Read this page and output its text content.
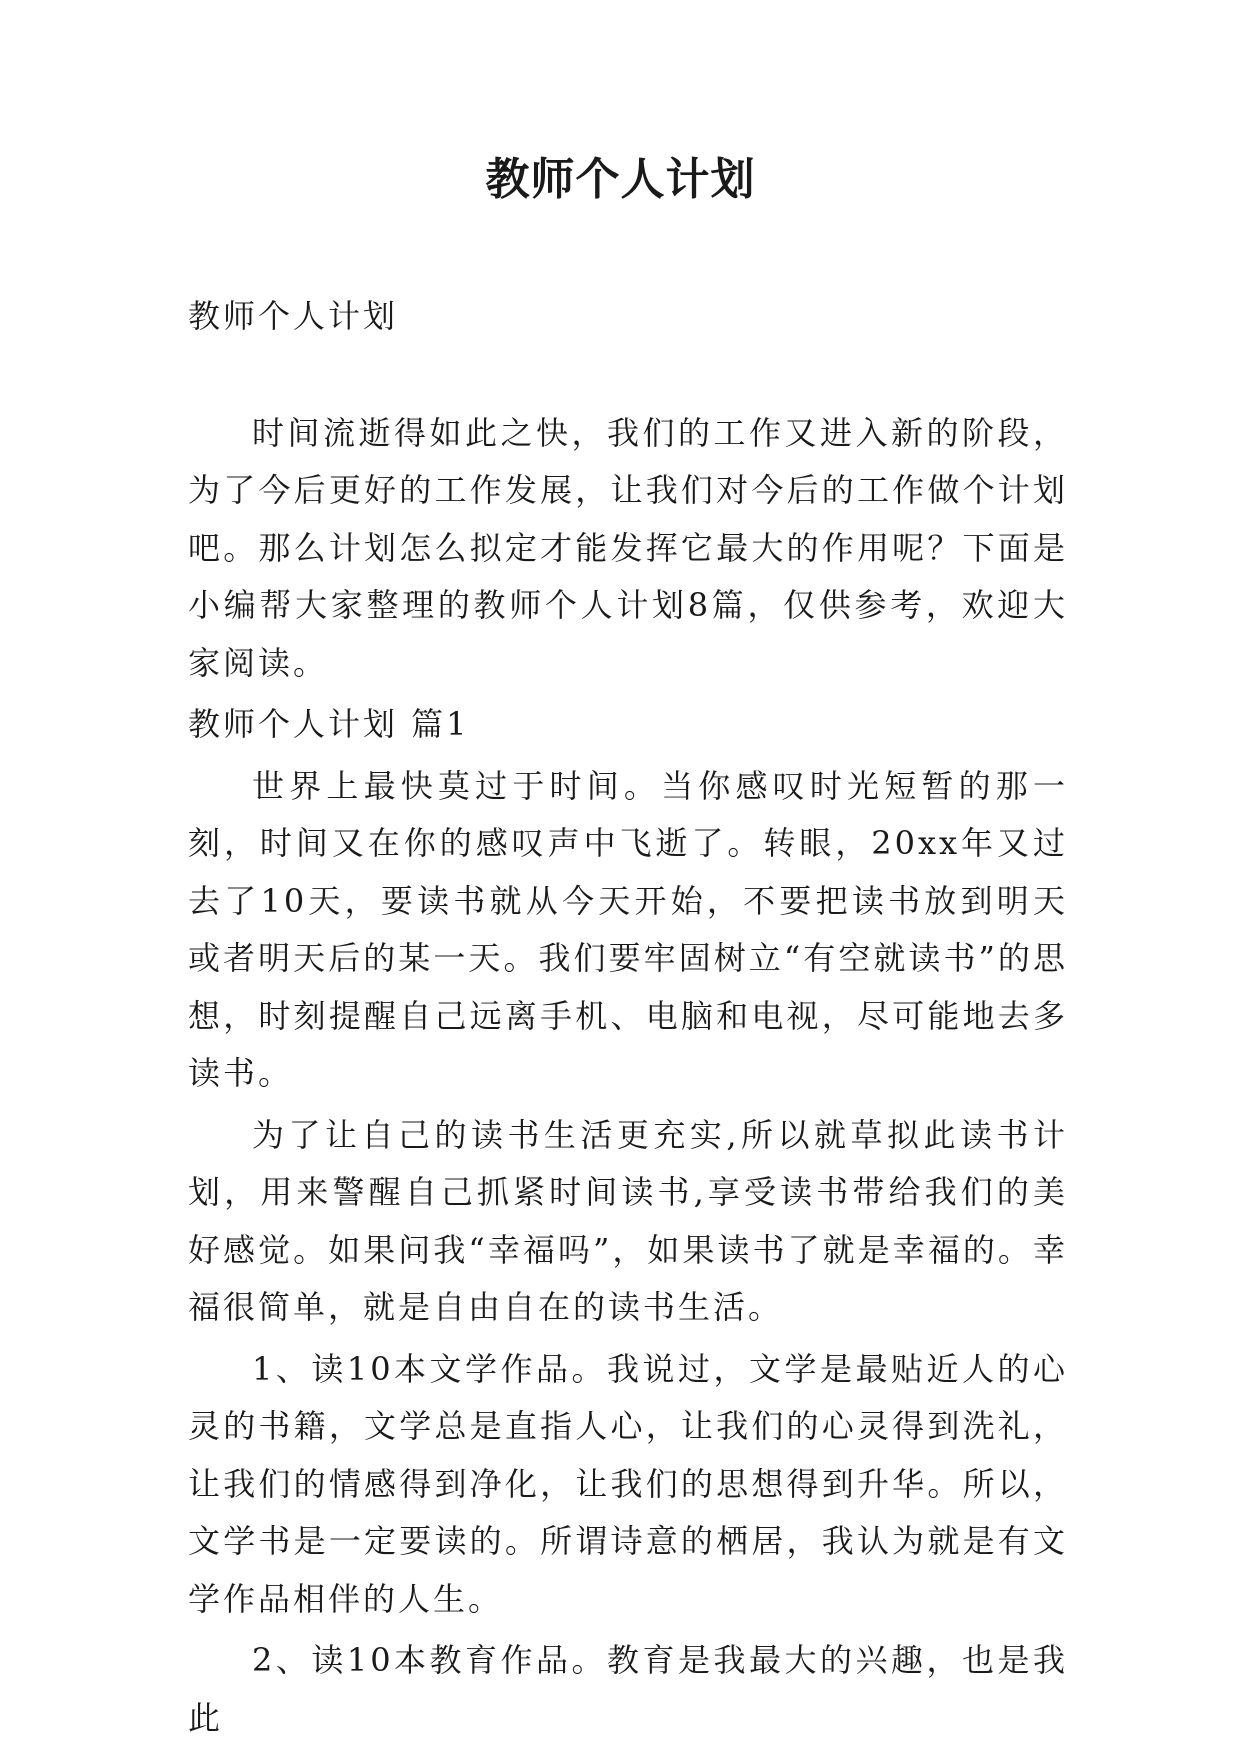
教师个人计划

教师个人计划

时间流逝得如此之快，我们的工作又进入新的阶段，为了今后更好的工作发展，让我们对今后的工作做个计划吧。那么计划怎么拟定才能发挥它最大的作用呢？下面是小编帮大家整理的教师个人计划8篇，仅供参考，欢迎大家阅读。

教师个人计划 篇1

世界上最快莫过于时间。当你感叹时光短暂的那一刻，时间又在你的感叹声中飞逝了。转眼，20xx年又过去了10天，要读书就从今天开始，不要把读书放到明天或者明天后的某一天。我们要牢固树立“有空就读书”的思想，时刻提醒自己远离手机、电脑和电视，尽可能地去多读书。

为了让自己的读书生活更充实,所以就草拟此读书计划，用来警醒自己抓紧时间读书,享受读书带给我们的美好感觉。如果问我“幸福吗”，如果读书了就是幸福的。幸福很简单，就是自由自在的读书生活。

1、读10本文学作品。我说过，文学是最贴近人的心灵的书籍，文学总是直指人心，让我们的心灵得到洗礼，让我们的情感得到净化，让我们的思想得到升华。所以，文学书是一定要读的。所谓诗意的栖居，我认为就是有文学作品相伴的人生。

2、读10本教育作品。教育是我最大的兴趣，也是我此
